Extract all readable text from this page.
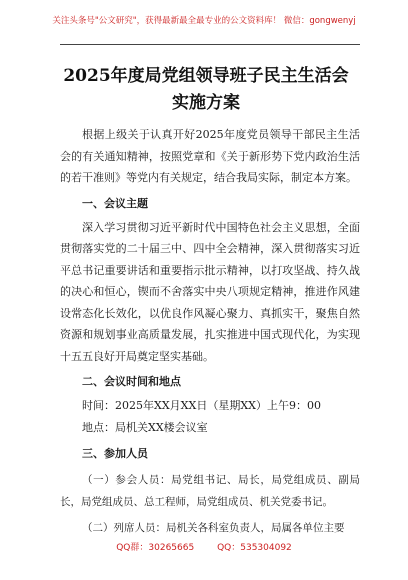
关注头条号"公文研究"，获得最新最全最专业的公文资料库！ 微信：gongwenyj
2025年度局党组领导班子民主生活会实施方案

根据上级关于认真开好2025年度党员领导干部民主生活会的有关通知精神，按照党章和《关于新形势下党内政治生活的若干准则》等党内有关规定，结合我局实际，制定本方案。

一、会议主题

深入学习贯彻习近平新时代中国特色社会主义思想，全面贯彻落实党的二十届三中、四中全会精神，深入贯彻落实习近平总书记重要讲话和重要指示批示精神，以打攻坚战、持久战的决心和恒心，锲而不舍落实中央八项规定精神，推进作风建设常态化长效化，以优良作风凝心聚力、真抓实干，聚焦自然资源和规划事业高质量发展，扎实推进中国式现代化，为实现十五五良好开局奠定坚实基础。

二、会议时间和地点

时间：2025年XX月XX日（星期XX）上午9：00

地点：局机关XX楼会议室

三、参加人员

（一）参会人员：局党组书记、局长，局党组成员、副局长，局党组成员、总工程师，局党组成员、机关党委书记。

（二）列席人员：局机关各科室负责人，局属各单位主要

QQ群：30265665	QQ：535304092
